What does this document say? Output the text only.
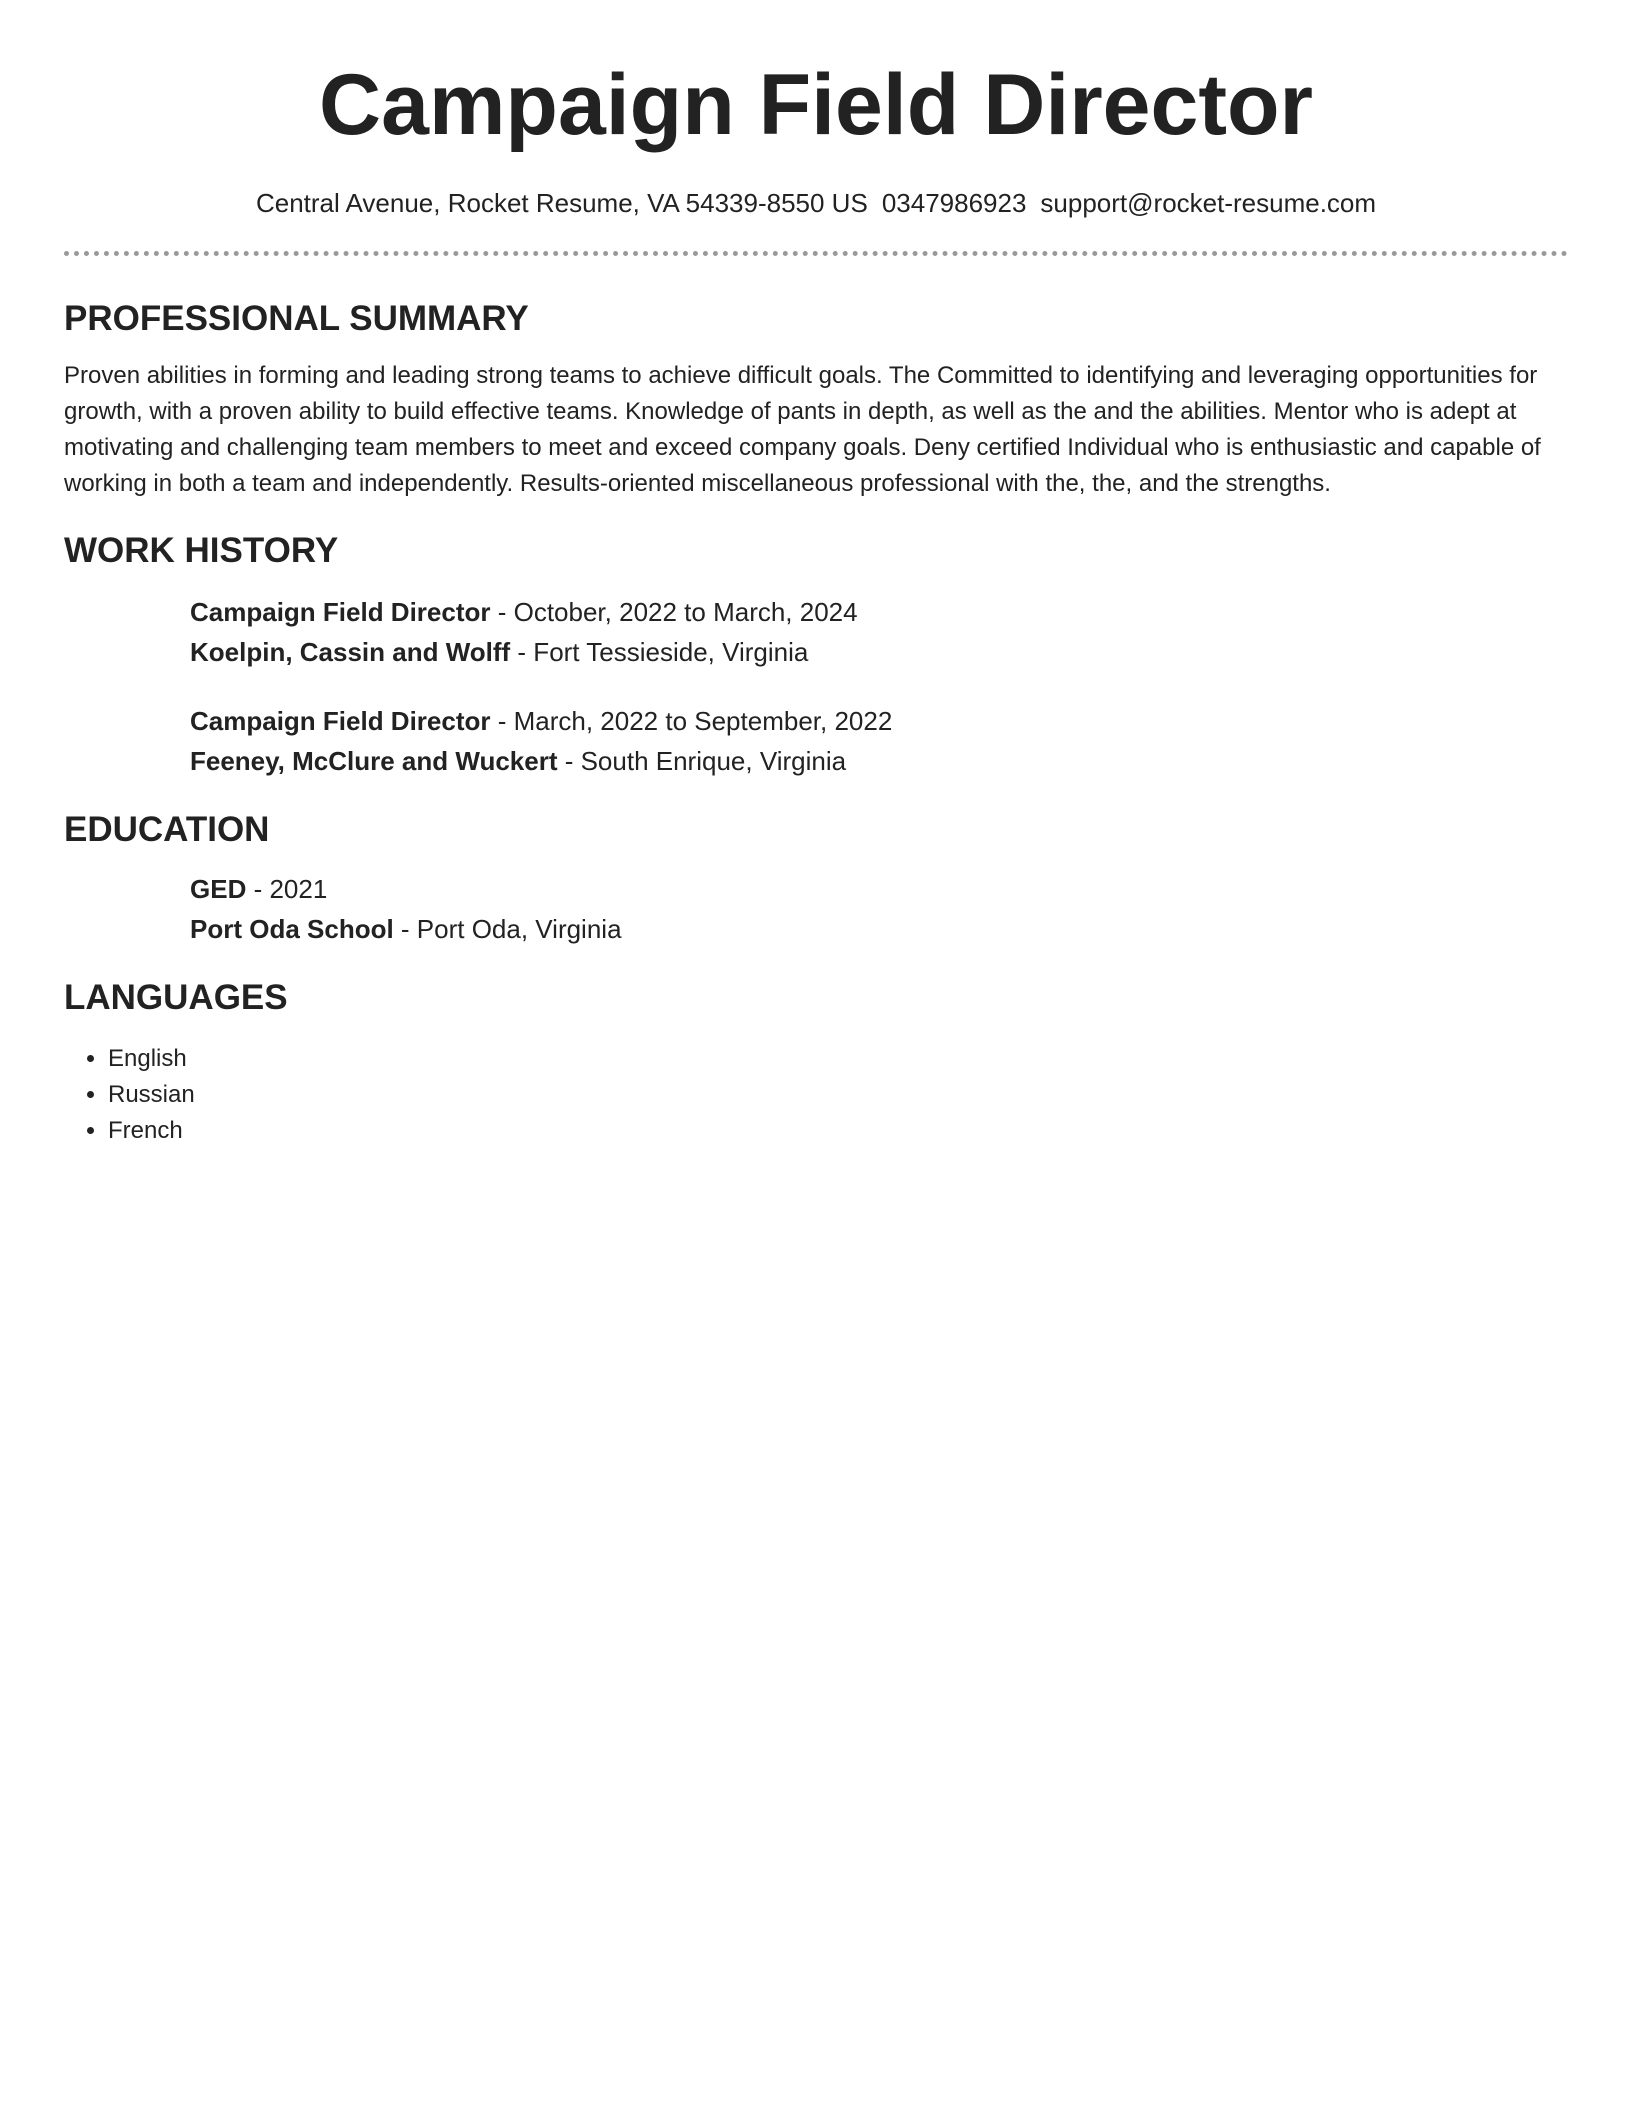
Campaign Field Director
Central Avenue, Rocket Resume, VA 54339-8550 US 0347986923 support@rocket-resume.com
PROFESSIONAL SUMMARY

Proven abilities in forming and leading strong teams to achieve difficult goals. The Committed to identifying and leveraging opportunities for growth, with a proven ability to build effective teams. Knowledge of pants in depth, as well as the and the abilities. Mentor who is adept at motivating and challenging team members to meet and exceed company goals. Deny certified Individual who is enthusiastic and capable of working in both a team and independently. Results-oriented miscellaneous professional with the, the, and the strengths.

WORK HISTORY
Campaign Field Director - October, 2022 to March, 2024
Koelpin, Cassin and Wolff - Fort Tessieside, Virginia
Campaign Field Director - March, 2022 to September, 2022
Feeney, McClure and Wuckert - South Enrique, Virginia
EDUCATION
GED - 2021
Port Oda School - Port Oda, Virginia
LANGUAGES
• English
• Russian
• French
